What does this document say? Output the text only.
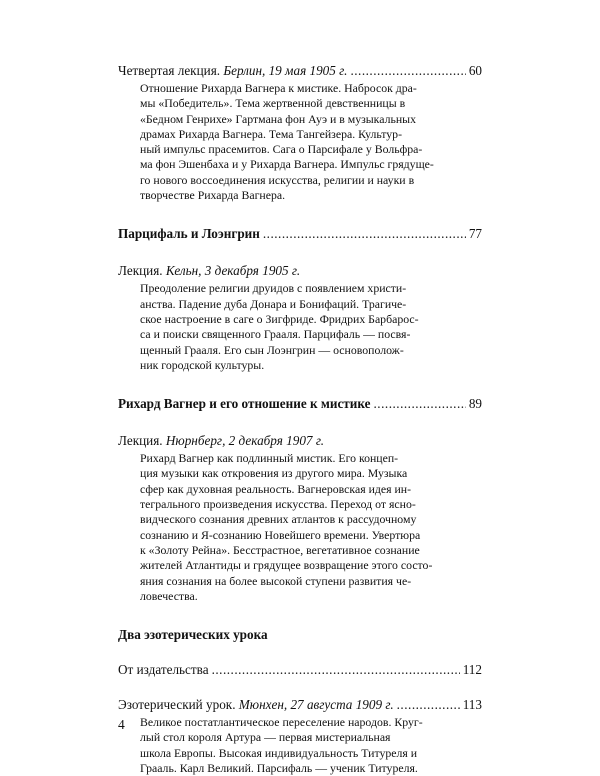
Четвертая лекция. Берлин, 19 мая 1905 г. . . .	60
Отношение Рихарда Вагнера к мистике. Набросок дра-
мы «Победитель». Тема жертвенной девственницы в
«Бедном Генрихе» Гартмана фон Ауэ и в музыкальных
драмах Рихарда Вагнера. Тема Тангейзера. Культур-
ный импульс прасемитов. Сага о Парсифале у Вольфра-
ма фон Эшенбаха и у Рихарда Вагнера. Импульс грядуще-
го нового воссоединения искусства, религии и науки в
творчестве Рихарда Вагнера.
Парцифаль и Лоэнгрин . . .	77
Лекция. Кельн, 3 декабря 1905 г.
Преодоление религии друидов с появлением христи-
анства. Падение дуба Донара и Бонифаций. Трагиче-
ское настроение в саге о Зигфриде. Фридрих Барбарос-
са и поиски священного Грааля. Парцифаль — посвя-
щенный Грааля. Его сын Лоэнгрин — основополож-
ник городской культуры.
Рихард Вагнер и его отношение к мистике . . .	89
Лекция. Нюрнберг, 2 декабря 1907 г.
Рихард Вагнер как подлинный мистик. Его концеп-
ция музыки как откровения из другого мира. Музыка
сфер как духовная реальность. Вагнеровская идея ин-
тегрального произведения искусства. Переход от ясно-
видческого сознания древних атлантов к рассудочному
сознанию и Я-сознанию Новейшего времени. Увертюра
к «Золоту Рейна». Бесстрастное, вегетативное сознание
жителей Атлантиды и грядущее возвращение этого состо-
яния сознания на более высокой ступени развития че-
ловечества.
Два эзотерических урока
От издательства . . .	112
Эзотерический урок. Мюнхен, 27 августа 1909 г. . . .	113
Великое постатлантическое переселение народов. Круг-
лый стол короля Артура — первая мистериальная
школа Европы. Высокая индивидуальность Титуреля и
Грааль. Карл Великий. Парсифаль — ученик Титуреля.
4
